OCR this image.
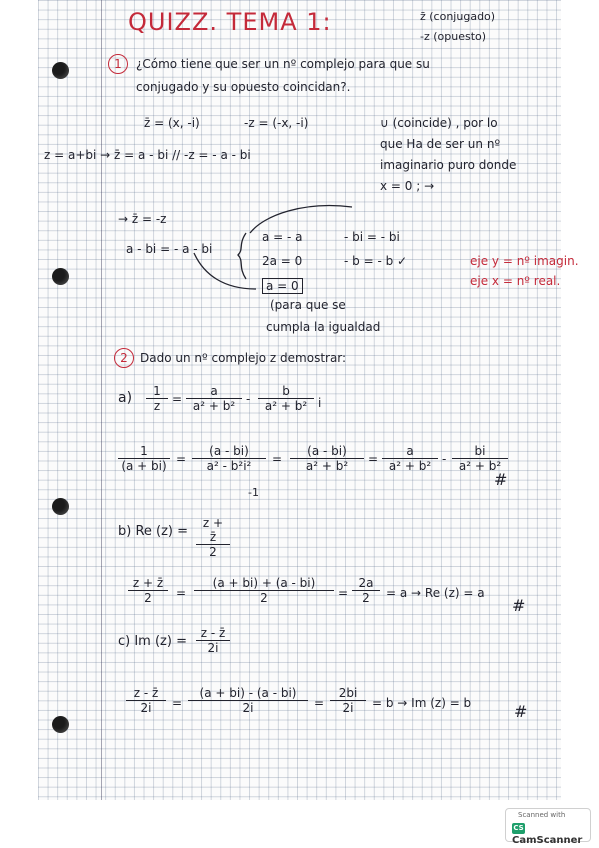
QUIZZ. TEMA 1:	z̄ (conjugado)
-z (opuesto)
1	¿Cómo tiene que ser un nº complejo para que su
conjugado y su opuesto coincidan?.
z̄ = (x, -i)	-z = (-x, -i)	∪ (coincide) , por lo
que Ha de ser un nº
imaginario puro donde
x = 0 ; →
z = a+bi → z̄ = a - bi // -z = - a - bi
→ z̄ = -z
a - bi = - a - bi
a = - a
2a = 0
a = 0
- bi = - bi
- b = - b ✓	eje y = nº imagin.
eje x = nº real.
(para que se
cumpla la igualdad
2	Dado un nº complejo z demostrar:
$a) \frac{1}{z} = \frac{a}{\text{a² + b²}} - \frac{b}{\text{a² + b²}}$ i
$\frac{1}{(a + bi)} = \frac{(a - bi)}{\text{a² - b²i²}}$
-1
= $\frac{(a - bi)}{\text{a² + b²}} = \frac{a}{\text{a² + b²}} - \frac{bi}{\text{a² + b²}}$
#
b) Re $(z) = \frac{z + z̄}{2}$
$\frac{z + z̄}{2} = \frac{(a + bi) + (a - bi)}{2} = \frac{2a}{2} = a \to Re$ (z) = a
#
c) Im $(z) = \frac{z - z̄}{2i}$
$\frac{z - z̄}{2i} = \frac{(a + bi) - (a - bi)}{2i} = \frac{2bi}{2i} = b \to Im$ (z) = b	#
Scanned with
CSCamScanner
